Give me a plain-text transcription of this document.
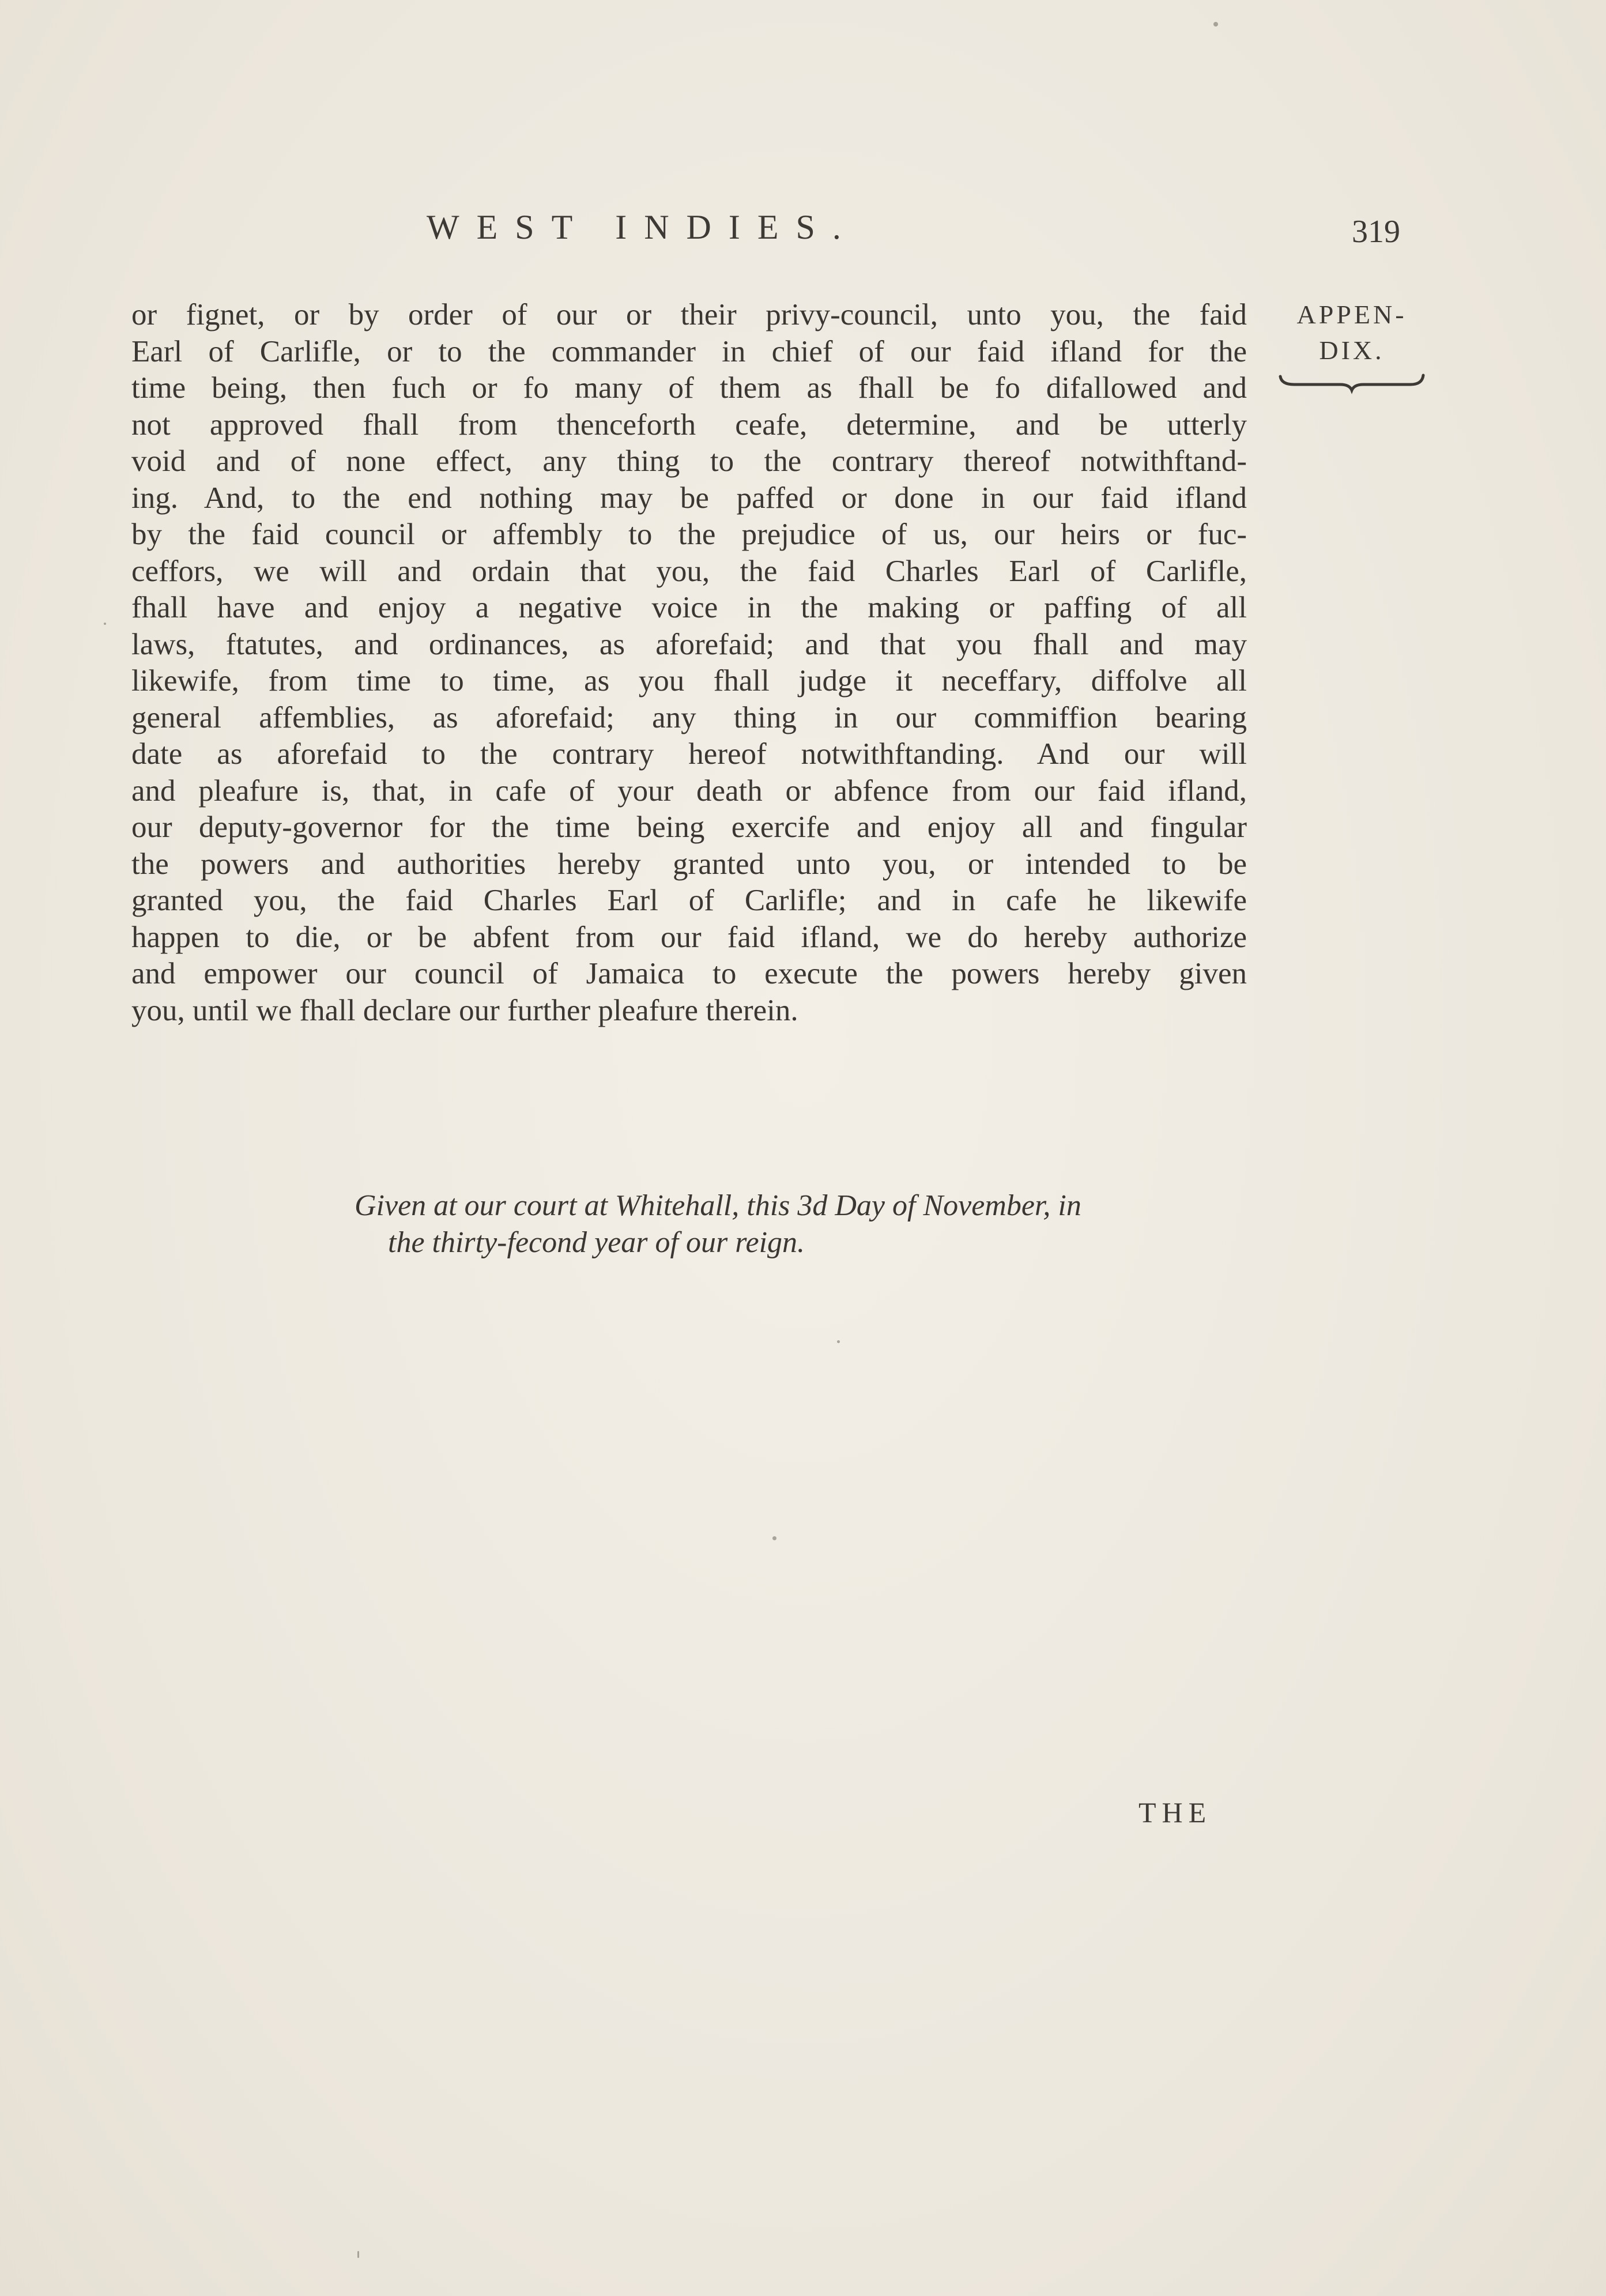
WEST INDIES.	319
APPEN-
DIX.
or fignet, or by order of our or their privy-council, unto you, the faid
Earl of Carlifle, or to the commander in chief of our faid ifland for the
time being, then fuch or fo many of them as fhall be fo difallowed and
not approved fhall from thenceforth ceafe, determine, and be utterly
void and of none effect, any thing to the contrary thereof notwithftand-
ing. And, to the end nothing may be paffed or done in our faid ifland
by the faid council or affembly to the prejudice of us, our heirs or fuc-
ceffors, we will and ordain that you, the faid Charles Earl of Carlifle,
fhall have and enjoy a negative voice in the making or paffing of all
laws, ftatutes, and ordinances, as aforefaid; and that you fhall and may
likewife, from time to time, as you fhall judge it neceffary, diffolve all
general affemblies, as aforefaid; any thing in our commiffion bearing
date as aforefaid to the contrary hereof notwithftanding. And our will
and pleafure is, that, in cafe of your death or abfence from our faid ifland,
our deputy-governor for the time being exercife and enjoy all and fingular
the powers and authorities hereby granted unto you, or intended to be
granted you, the faid Charles Earl of Carlifle; and in cafe he likewife
happen to die, or be abfent from our faid ifland, we do hereby authorize
and empower our council of Jamaica to execute the powers hereby given
you, until we fhall declare our further pleafure therein.
Given at our court at Whitehall, this 3d Day of November, in
the thirty-fecond year of our reign.
THE
